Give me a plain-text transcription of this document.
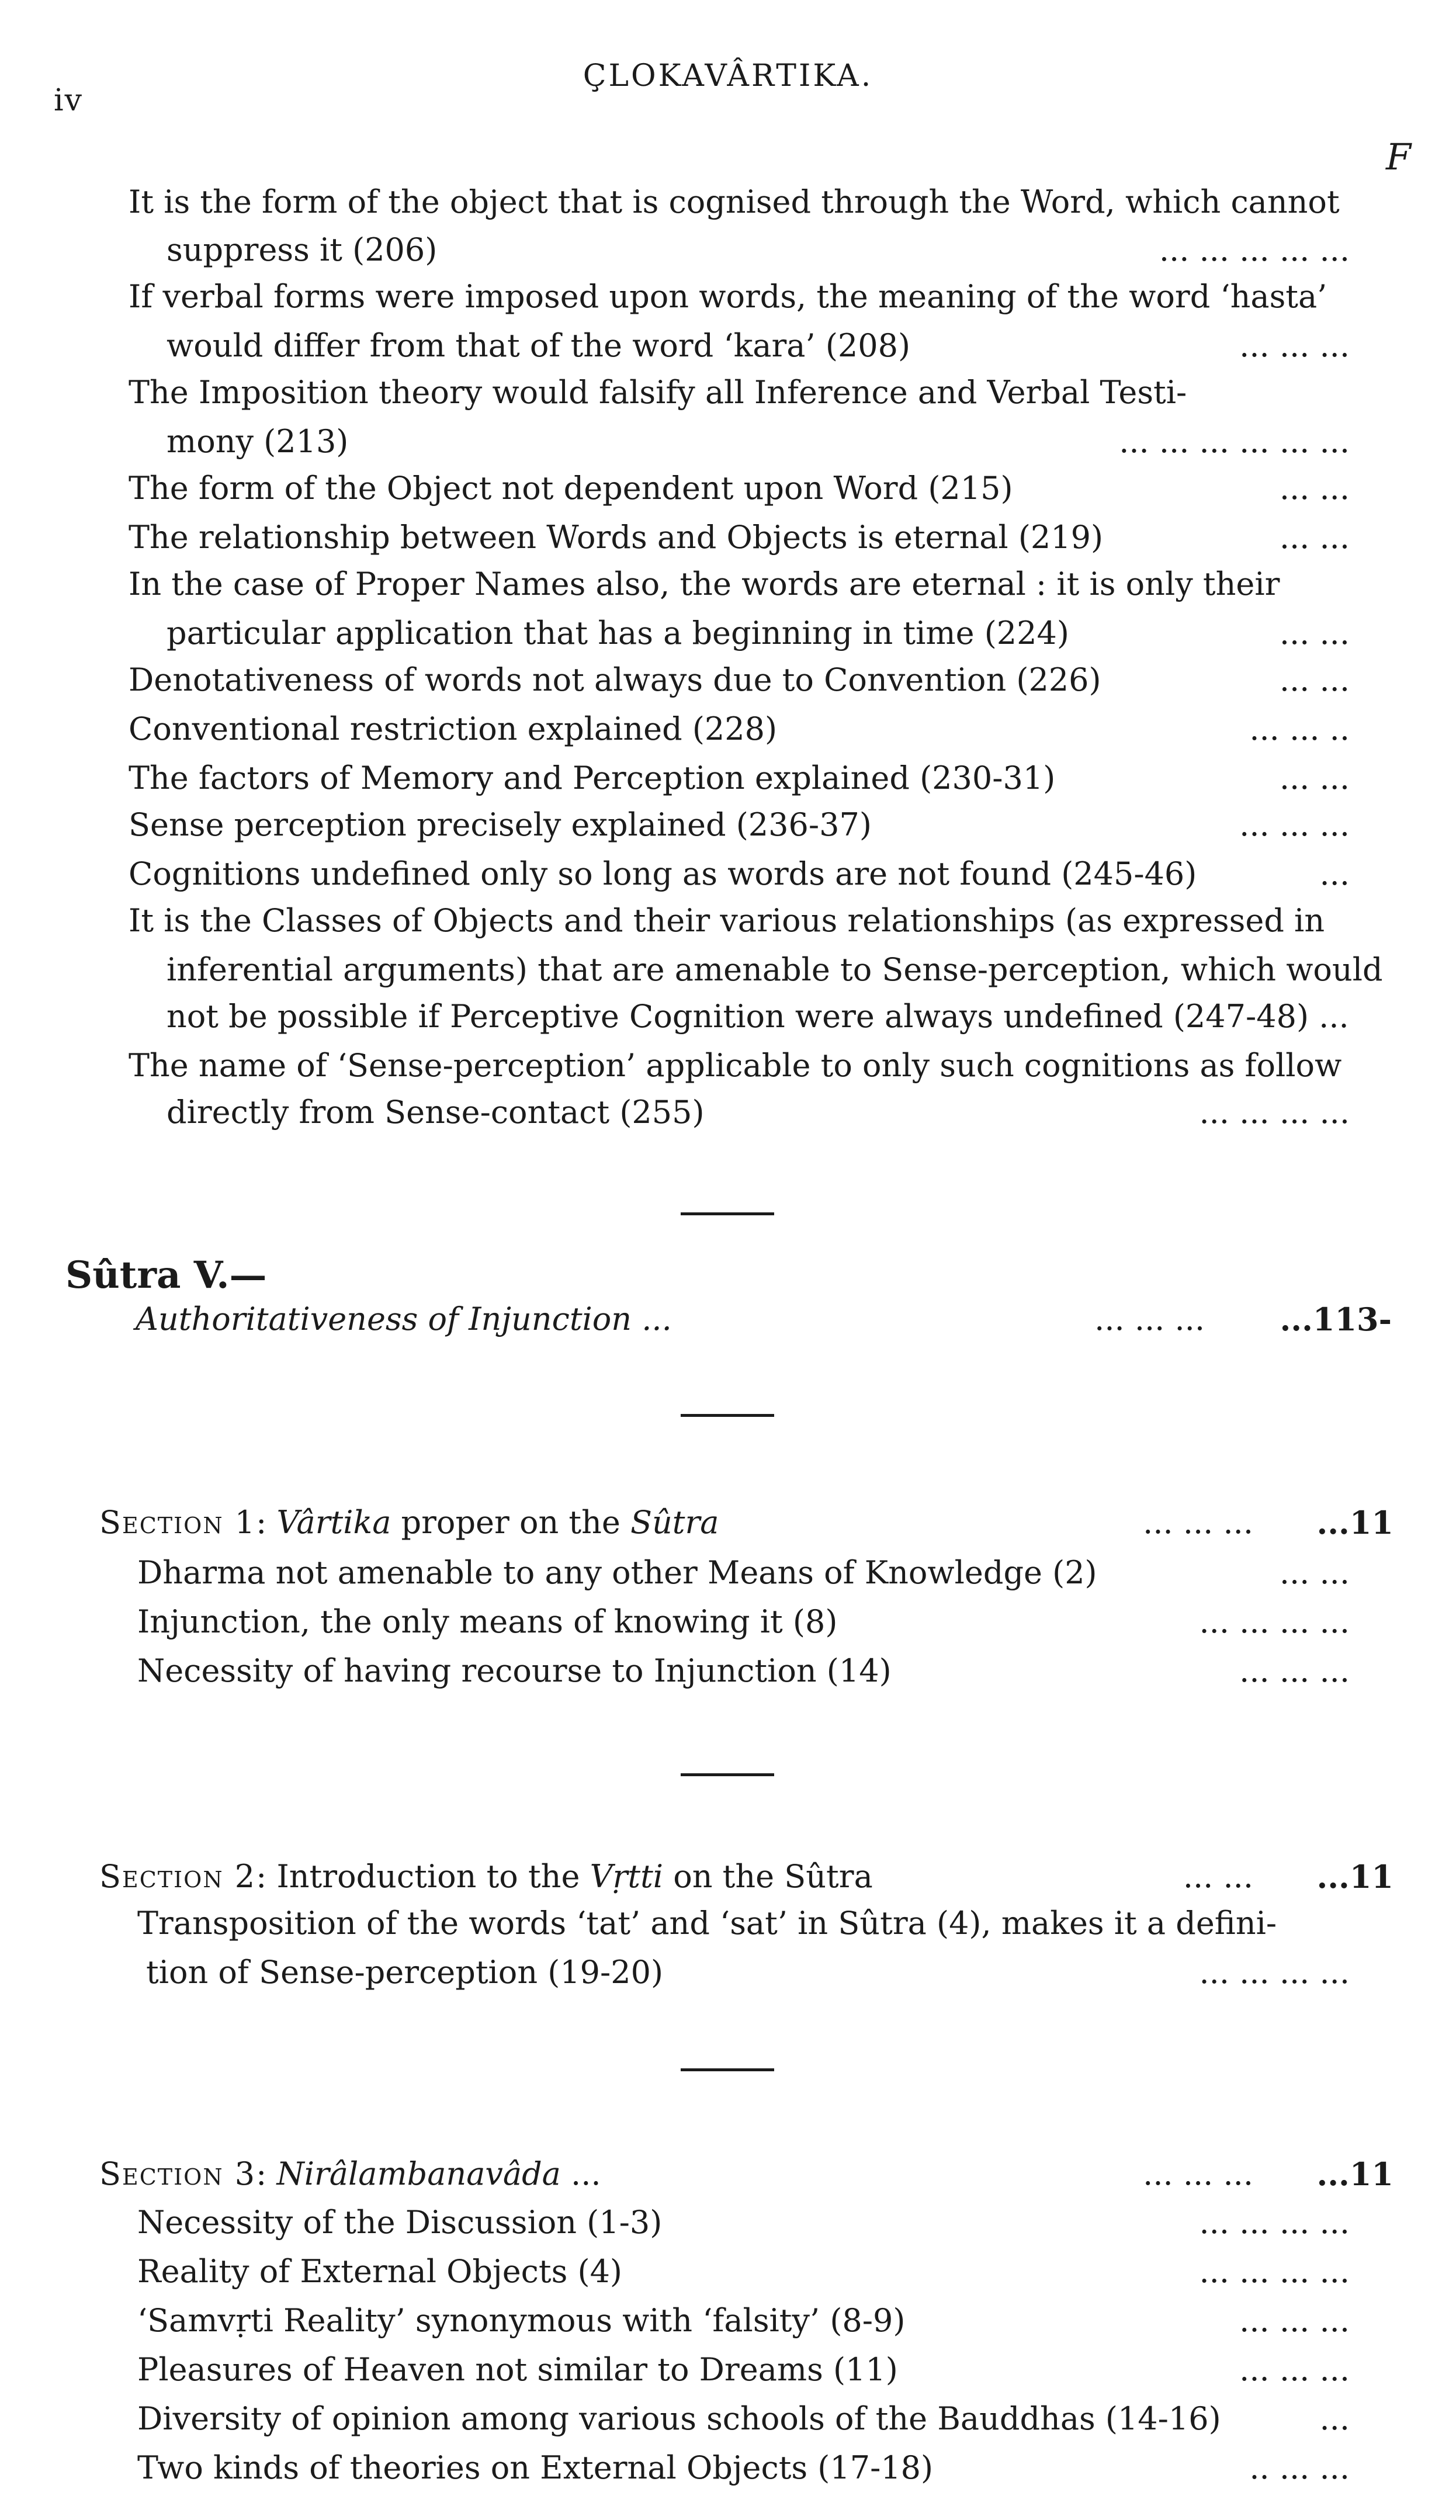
iv
ÇLOKAVÂRTIKA.
F
It is the form of the object that is cognised through the Word, which cannot
suppress it (206)	... ... ... ... ...
If verbal forms were imposed upon words, the meaning of the word ‘hasta’
would differ from that of the word ‘kara’ (208)	... ... ...
The Imposition theory would falsify all Inference and Verbal Testi-
mony (213)	... ... ... ... ... ...
The form of the Object not dependent upon Word (215)	... ...
The relationship between Words and Objects is eternal (219)	... ...
In the case of Proper Names also, the words are eternal : it is only their
particular application that has a beginning in time (224)	... ...
Denotativeness of words not always due to Convention (226)	... ...
Conventional restriction explained (228)	... ... ..
The factors of Memory and Perception explained (230-31)	... ...
Sense perception precisely explained (236-37)	... ... ...
Cognitions undefined only so long as words are not found (245-46)	...
It is the Classes of Objects and their various relationships (as expressed in
inferential arguments) that are amenable to Sense-perception, which would
not be possible if Perceptive Cognition were always undefined (247-48) ...
The name of ‘Sense-perception’ applicable to only such cognitions as follow
directly from Sense-contact (255)	... ... ... ...
Sûtra V.—
Authoritativeness of Injunction ...	... ... ... ...113-
Section 1: Vârtika proper on the Sûtra	... ... ... ...11
Dharma not amenable to any other Means of Knowledge (2)	... ...
Injunction, the only means of knowing it (8)	... ... ... ...
Necessity of having recourse to Injunction (14)	... ... ...
Section 2: Introduction to the Vṛtti on the Sûtra	... ... ...11
Transposition of the words ‘tat’ and ‘sat’ in Sûtra (4), makes it a defini-
tion of Sense-perception (19-20)	... ... ... ...
Section 3: Nirâlambanavâda ...	... ... ... ...11
Necessity of the Discussion (1-3)	... ... ... ...
Reality of External Objects (4)	... ... ... ...
‘Samvṛti Reality’ synonymous with ‘falsity’ (8-9)	... ... ...
Pleasures of Heaven not similar to Dreams (11)	... ... ...
Diversity of opinion among various schools of the Bauddhas (14-16)	...
Two kinds of theories on External Objects (17-18)	.. ... ...
